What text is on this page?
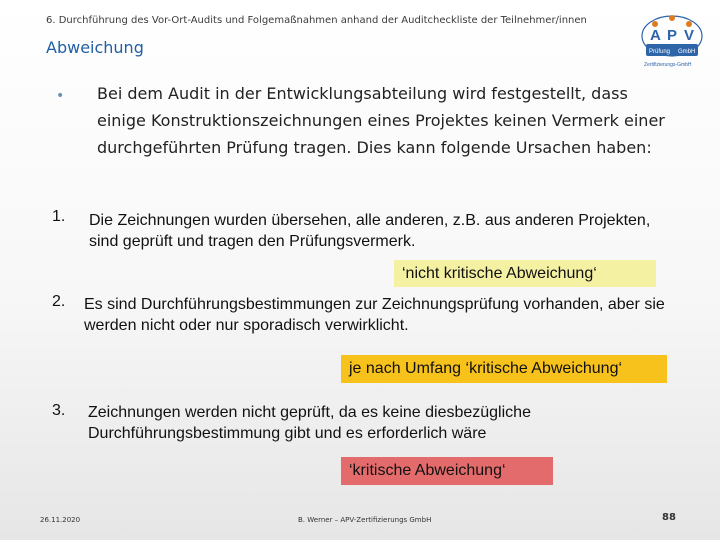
6. Durchführung des Vor-Ort-Audits und Folgemaßnahmen anhand der Auditcheckliste der Teilnehmer/innen
Abweichung
A P V
Prüfung GmbH
Zertifizierungs-GmbH
• Bei dem Audit in der Entwicklungsabteilung wird festgestellt, dass einige Konstruktionszeichnungen eines Projektes keinen Vermerk einer durchgeführten Prüfung tragen. Dies kann folgende Ursachen haben:
1. Die Zeichnungen wurden übersehen, alle anderen, z.B. aus anderen Projekten, sind geprüft und tragen den Prüfungsvermerk.
‘nicht kritische Abweichung‘
2. Es sind Durchführungsbestimmungen zur Zeichnungsprüfung vorhanden, aber sie werden nicht oder nur sporadisch verwirklicht.
je nach Umfang ‘kritische Abweichung‘
3. Zeichnungen werden nicht geprüft, da es keine diesbezügliche Durchführungsbestimmung gibt und es erforderlich wäre
‘kritische Abweichung‘
26.11.2020	B. Werner – APV-Zertifizierungs GmbH	88
